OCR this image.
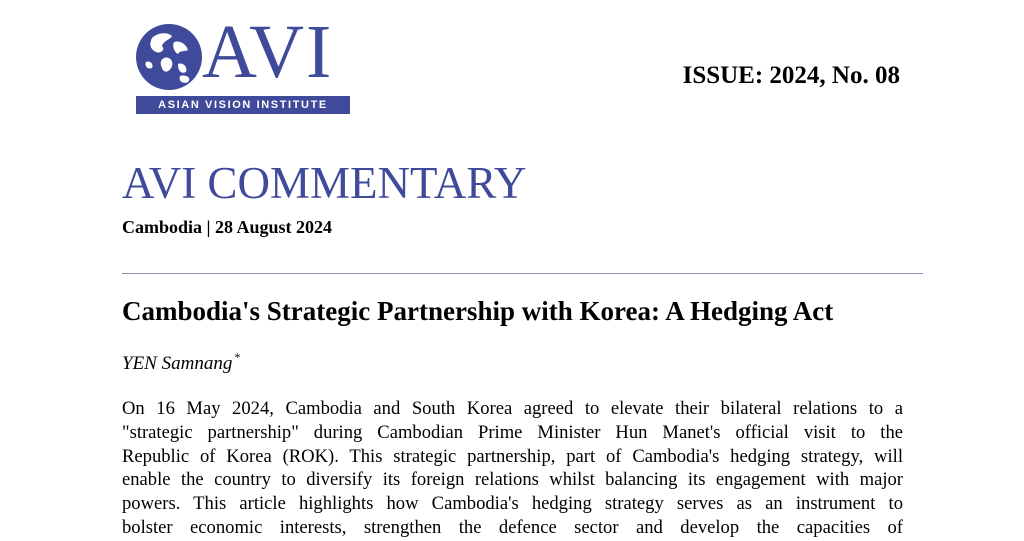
AVI
ASIAN VISION INSTITUTE
ISSUE: 2024, No. 08
AVI COMMENTARY
Cambodia | 28 August 2024
Cambodia's Strategic Partnership with Korea: A Hedging Act
YEN Samnang *
On 16 May 2024, Cambodia and South Korea agreed to elevate their bilateral relations to a
"strategic partnership" during Cambodian Prime Minister Hun Manet's official visit to the
Republic of Korea (ROK). This strategic partnership, part of Cambodia's hedging strategy, will
enable the country to diversify its foreign relations whilst balancing its engagement with major
powers. This article highlights how Cambodia's hedging strategy serves as an instrument to
bolster economic interests, strengthen the defence sector and develop the capacities of
